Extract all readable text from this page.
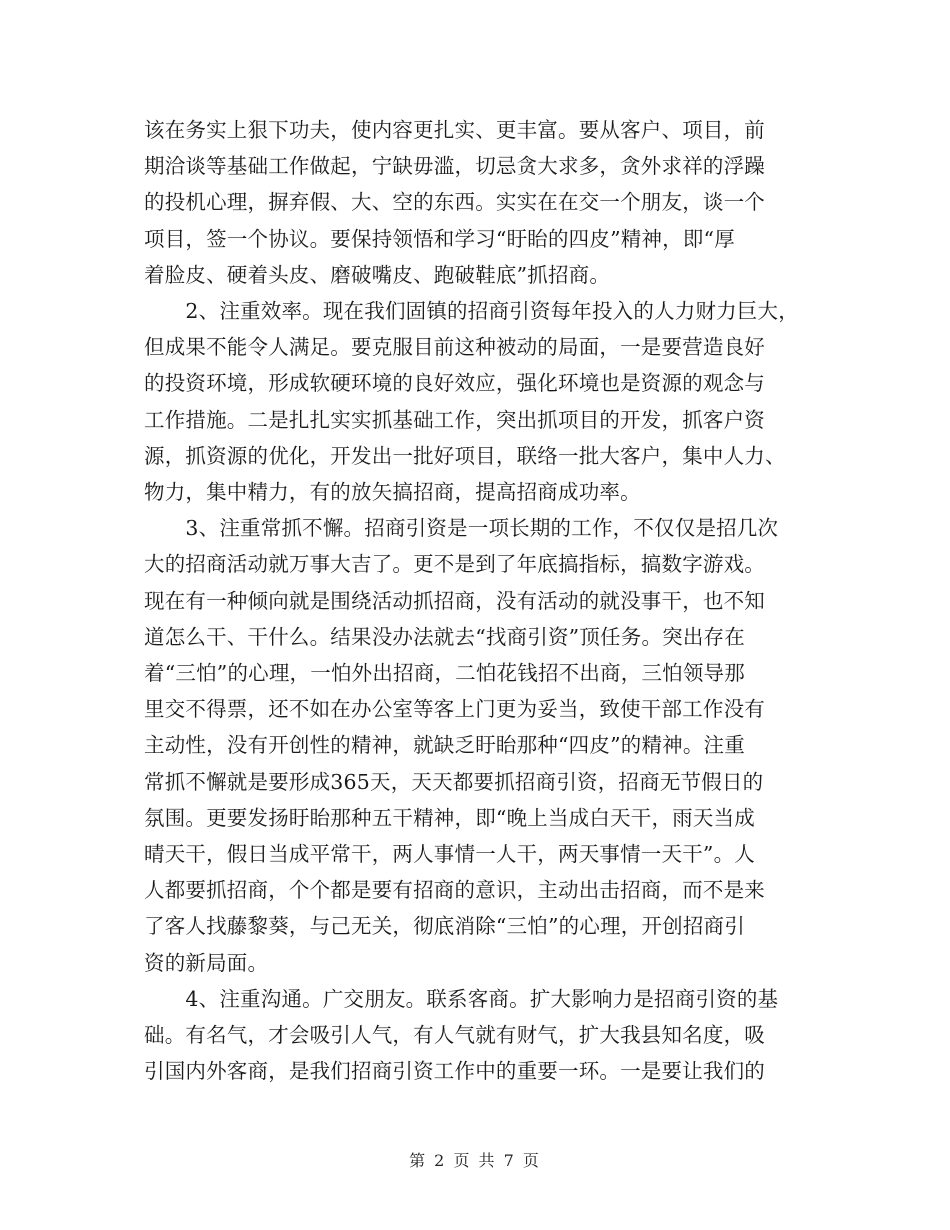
该在务实上狠下功夫，使内容更扎实、更丰富。要从客户、项目，前
期洽谈等基础工作做起，宁缺毋滥，切忌贪大求多，贪外求祥的浮躁
的投机心理，摒弃假、大、空的东西。实实在在交一个朋友，谈一个
项目，签一个协议。要保持领悟和学习“盱眙的四皮”精神，即“厚
着脸皮、硬着头皮、磨破嘴皮、跑破鞋底”抓招商。
　　2、注重效率。现在我们固镇的招商引资每年投入的人力财力巨大，
但成果不能令人满足。要克服目前这种被动的局面，一是要营造良好
的投资环境，形成软硬环境的良好效应，强化环境也是资源的观念与
工作措施。二是扎扎实实抓基础工作，突出抓项目的开发，抓客户资
源，抓资源的优化，开发出一批好项目，联络一批大客户，集中人力、
物力，集中精力，有的放矢搞招商，提高招商成功率。
　　3、注重常抓不懈。招商引资是一项长期的工作，不仅仅是招几次
大的招商活动就万事大吉了。更不是到了年底搞指标，搞数字游戏。
现在有一种倾向就是围绕活动抓招商，没有活动的就没事干，也不知
道怎么干、干什么。结果没办法就去“找商引资”顶任务。突出存在
着“三怕”的心理，一怕外出招商，二怕花钱招不出商，三怕领导那
里交不得票，还不如在办公室等客上门更为妥当，致使干部工作没有
主动性，没有开创性的精神，就缺乏盱眙那种“四皮”的精神。注重
常抓不懈就是要形成365天，天天都要抓招商引资，招商无节假日的
氛围。更要发扬盱眙那种五干精神，即“晚上当成白天干，雨天当成
晴天干，假日当成平常干，两人事情一人干，两天事情一天干”。人
人都要抓招商，个个都是要有招商的意识，主动出击招商，而不是来
了客人找藤黎葵，与己无关，彻底消除“三怕”的心理，开创招商引
资的新局面。
　　4、注重沟通。广交朋友。联系客商。扩大影响力是招商引资的基
础。有名气，才会吸引人气，有人气就有财气，扩大我县知名度，吸
引国内外客商，是我们招商引资工作中的重要一环。一是要让我们的
第 2 页 共 7 页
